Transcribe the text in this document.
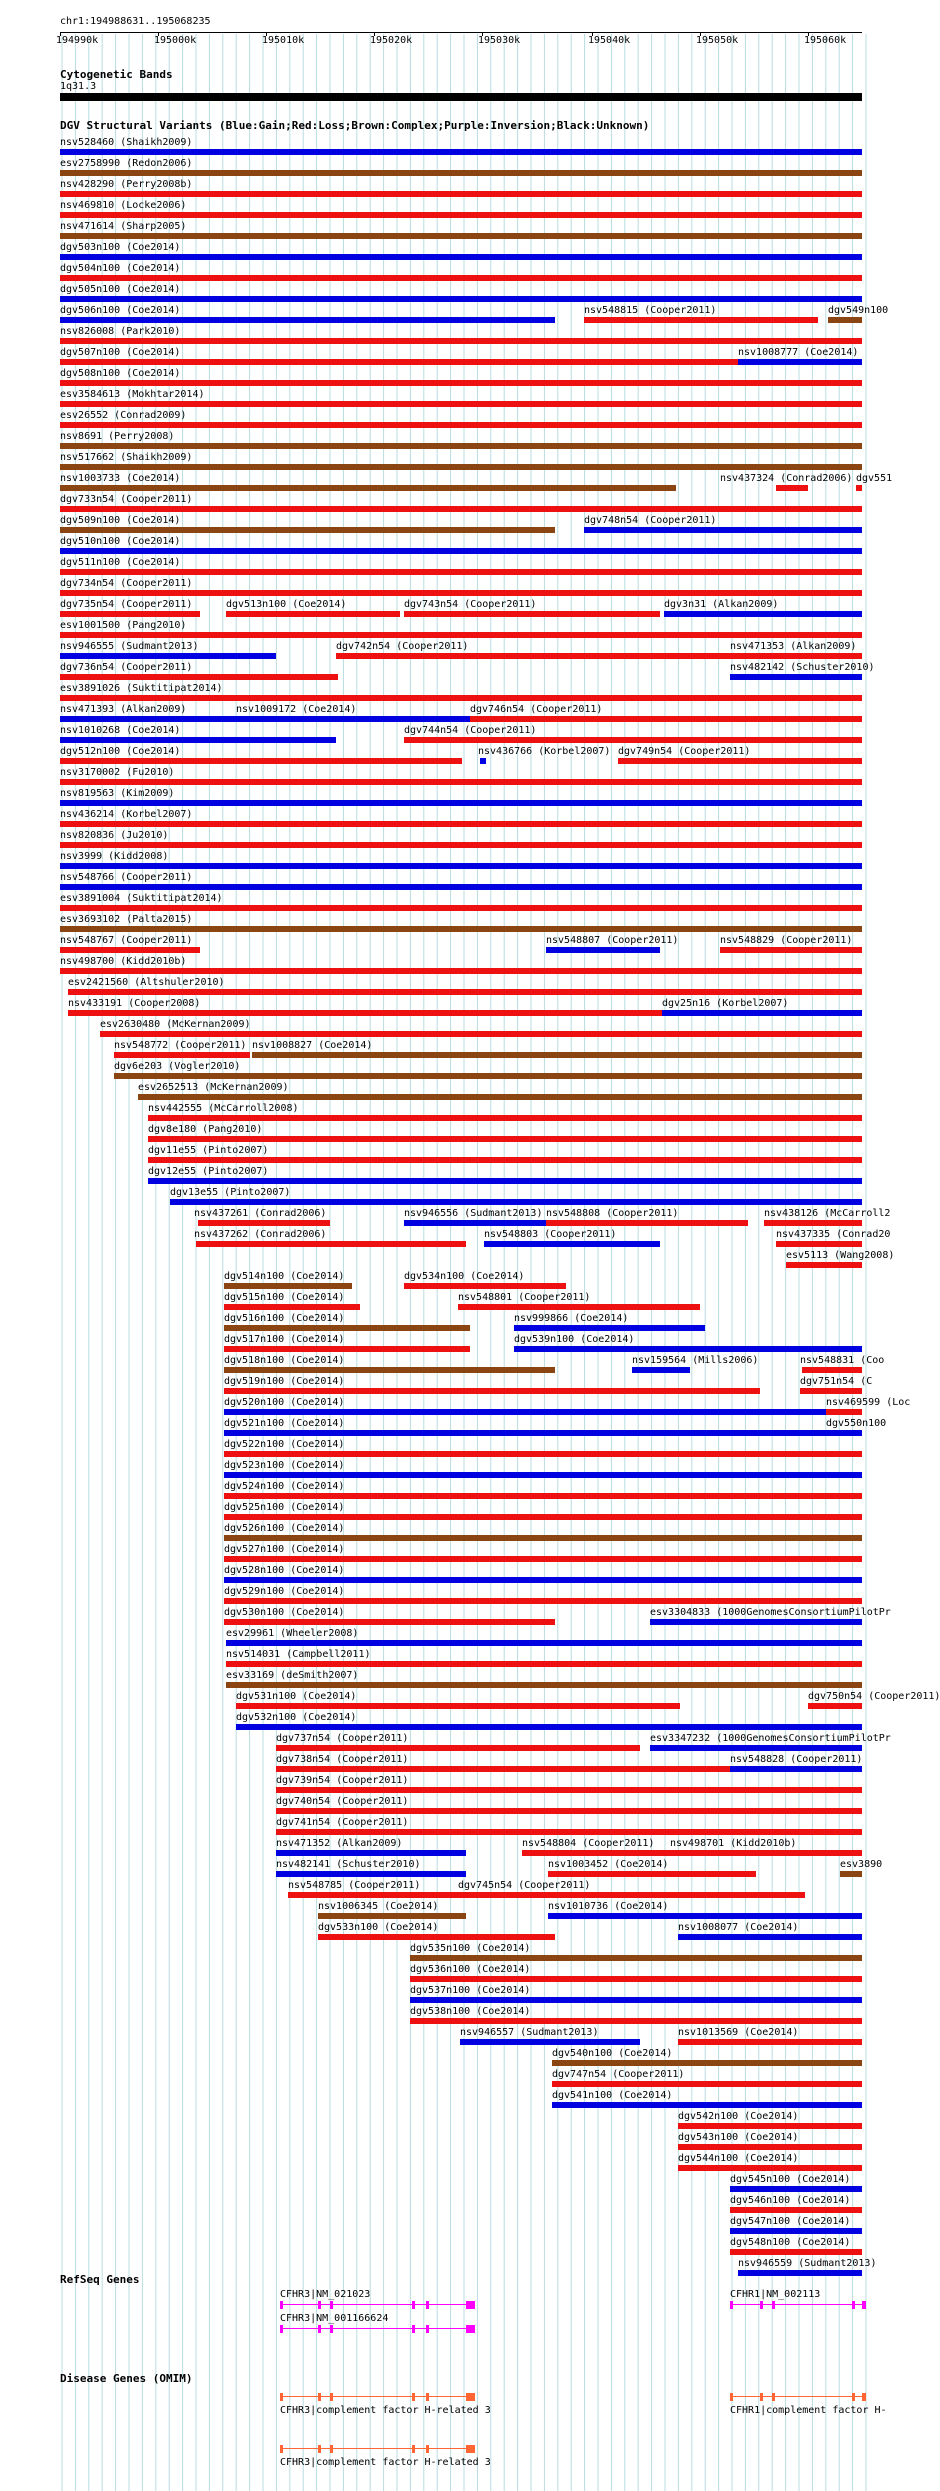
chr1:194988631..195068235
194990k	195000k	195010k	195020k	195030k	195040k	195050k	195060k
Cytogenetic Bands
1q31.3
DGV Structural Variants (Blue:Gain;Red:Loss;Brown:Complex;Purple:Inversion;Black:Unknown)
nsv528460 (Shaikh2009)
esv2758990 (Redon2006)
nsv428290 (Perry2008b)
nsv469810 (Locke2006)
nsv471614 (Sharp2005)
dgv503n100 (Coe2014)
dgv504n100 (Coe2014)
dgv505n100 (Coe2014)
dgv506n100 (Coe2014)	nsv548815 (Cooper2011)	dgv549n100
nsv826008 (Park2010)
dgv507n100 (Coe2014)	nsv1008777 (Coe2014)
dgv508n100 (Coe2014)
esv3584613 (Mokhtar2014)
esv26552 (Conrad2009)
nsv8691 (Perry2008)
nsv517662 (Shaikh2009)
nsv1003733 (Coe2014)	nsv437324 (Conrad2006) dgv551
dgv733n54 (Cooper2011)
dgv509n100 (Coe2014)	dgv748n54 (Cooper2011)
dgv510n100 (Coe2014)
dgv511n100 (Coe2014)
dgv734n54 (Cooper2011)
dgv735n54 (Cooper2011)	dgv513n100 (Coe2014)	dgv743n54 (Cooper2011)	dgv3n31 (Alkan2009)
esv1001500 (Pang2010)
nsv946555 (Sudmant2013)	dgv742n54 (Cooper2011)	nsv471353 (Alkan2009)
dgv736n54 (Cooper2011)	nsv482142 (Schuster2010)
esv3891026 (Suktitipat2014)
nsv471393 (Alkan2009)	nsv1009172 (Coe2014)	dgv746n54 (Cooper2011)
nsv1010268 (Coe2014)	dgv744n54 (Cooper2011)
dgv512n100 (Coe2014)	nsv436766 (Korbel2007) dgv749n54 (Cooper2011)
nsv3170002 (Fu2010)
nsv819563 (Kim2009)
nsv436214 (Korbel2007)
nsv820836 (Ju2010)
nsv3999 (Kidd2008)
nsv548766 (Cooper2011)
esv3891004 (Suktitipat2014)
esv3693102 (Palta2015)
nsv548767 (Cooper2011)	nsv548807 (Cooper2011)	nsv548829 (Cooper2011)
nsv498700 (Kidd2010b)
esv2421560 (Altshuler2010)
nsv433191 (Cooper2008)	dgv25n16 (Korbel2007)
esv2630480 (McKernan2009)
nsv548772 (Cooper2011) nsv1008827 (Coe2014)
dgv6e203 (Vogler2010)
esv2652513 (McKernan2009)
nsv442555 (McCarroll2008)
dgv8e180 (Pang2010)
dgv11e55 (Pinto2007)
dgv12e55 (Pinto2007)
dgv13e55 (Pinto2007)
nsv437261 (Conrad2006)	nsv946556 (Sudmant2013) nsv548808 (Cooper2011)	nsv438126 (McCarroll2
nsv437262 (Conrad2006)	nsv548803 (Cooper2011)	nsv437335 (Conrad20
esv5113 (Wang2008)
dgv514n100 (Coe2014)	dgv534n100 (Coe2014)
dgv515n100 (Coe2014)	nsv548801 (Cooper2011)
dgv516n100 (Coe2014)	nsv999866 (Coe2014)
dgv517n100 (Coe2014)	dgv539n100 (Coe2014)
dgv518n100 (Coe2014)	nsv159564 (Mills2006)	nsv548831 (Coo
dgv519n100 (Coe2014)	dgv751n54 (C
dgv520n100 (Coe2014)	nsv469599 (Loc
dgv521n100 (Coe2014)	dgv550n100
dgv522n100 (Coe2014)
dgv523n100 (Coe2014)
dgv524n100 (Coe2014)
dgv525n100 (Coe2014)
dgv526n100 (Coe2014)
dgv527n100 (Coe2014)
dgv528n100 (Coe2014)
dgv529n100 (Coe2014)
dgv530n100 (Coe2014)	esv3304833 (1000GenomesConsortiumPilotPr
esv29961 (Wheeler2008)
nsv514031 (Campbell2011)
esv33169 (deSmith2007)
dgv531n100 (Coe2014)	dgv750n54 (Cooper2011)
dgv532n100 (Coe2014)
dgv737n54 (Cooper2011)	esv3347232 (1000GenomesConsortiumPilotPr
dgv738n54 (Cooper2011)	nsv548828 (Cooper2011)
dgv739n54 (Cooper2011)
dgv740n54 (Cooper2011)
dgv741n54 (Cooper2011)
nsv471352 (Alkan2009)	nsv548804 (Cooper2011) nsv498701 (Kidd2010b)
nsv482141 (Schuster2010)	nsv1003452 (Coe2014)	esv3890
nsv548785 (Cooper2011)	dgv745n54 (Cooper2011)
nsv1006345 (Coe2014)	nsv1010736 (Coe2014)
dgv533n100 (Coe2014)	nsv1008077 (Coe2014)
dgv535n100 (Coe2014)
dgv536n100 (Coe2014)
dgv537n100 (Coe2014)
dgv538n100 (Coe2014)
nsv946557 (Sudmant2013)	nsv1013569 (Coe2014)
dgv540n100 (Coe2014)
dgv747n54 (Cooper2011)
dgv541n100 (Coe2014)
dgv542n100 (Coe2014)
dgv543n100 (Coe2014)
dgv544n100 (Coe2014)
dgv545n100 (Coe2014)
dgv546n100 (Coe2014)
dgv547n100 (Coe2014)
dgv548n100 (Coe2014)
nsv946559 (Sudmant2013)
RefSeq Genes
CFHR3|NM_021023	CFHR1|NM_002113
CFHR3|NM_001166624
Disease Genes (OMIM)
CFHR3|complement factor H-related 3	CFHR1|complement factor H-
CFHR3|complement factor H-related 3
